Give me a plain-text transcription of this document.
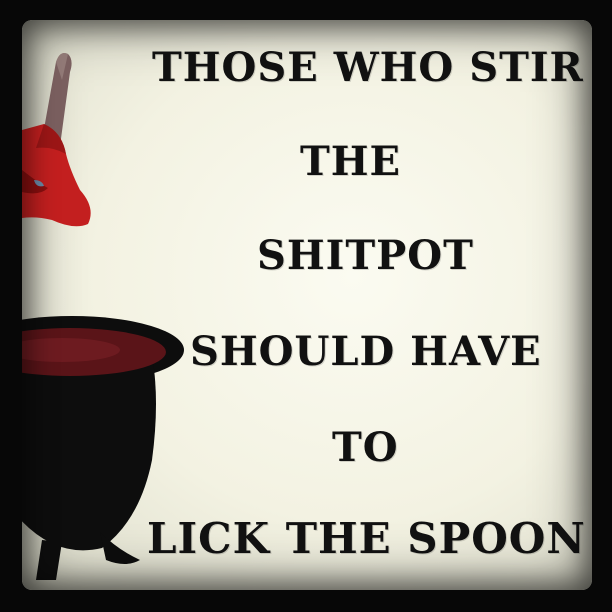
THOSE WHO STIR
THE
SHITPOT
SHOULD HAVE
TO
LICK THE SPOON
